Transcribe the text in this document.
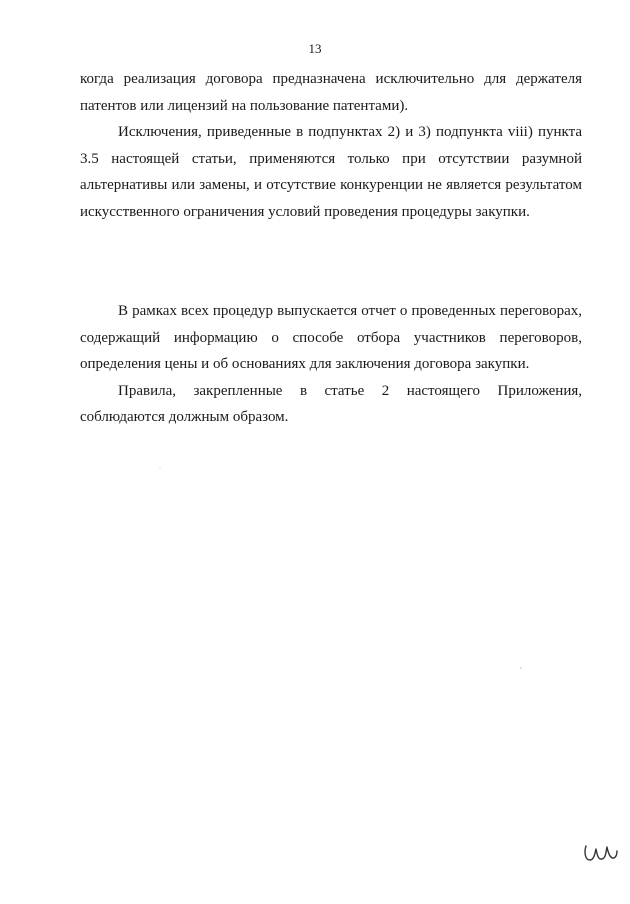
13

когда реализация договора предназначена исключительно для держателя патентов или лицензий на пользование патентами).

Исключения, приведенные в подпунктах 2) и 3) подпункта viii) пункта 3.5 настоящей статьи, применяются только при отсутствии разумной альтернативы или замены, и отсутствие конкуренции не является результатом искусственного ограничения условий проведения процедуры закупки.

В рамках всех процедур выпускается отчет о проведенных переговорах, содержащий информацию о способе отбора участников переговоров, определения цены и об основаниях для заключения договора закупки.

Правила, закрепленные в статье 2 настоящего Приложения, соблюдаются должным образом.
